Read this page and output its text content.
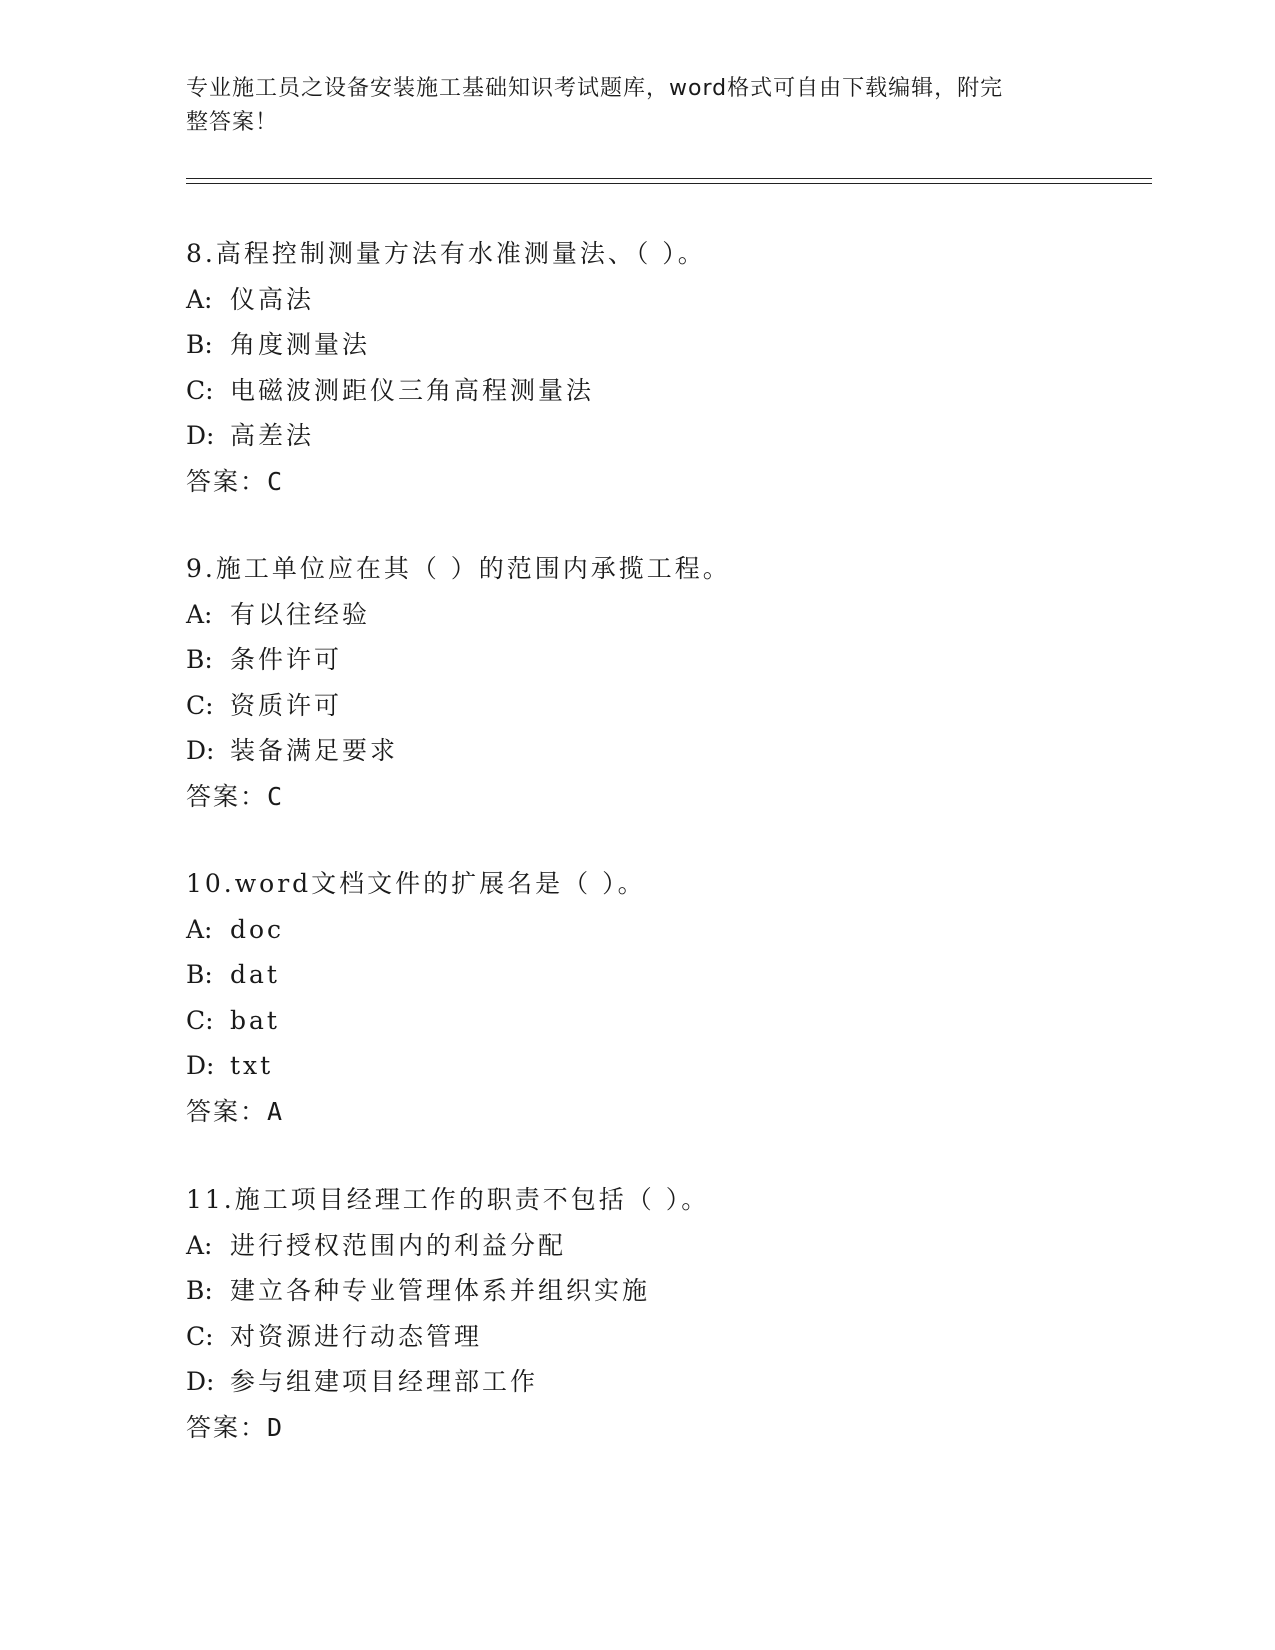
专业施工员之设备安装施工基础知识考试题库，word格式可自由下载编辑，附完
整答案！
8.高程控制测量方法有水准测量法、（ ）。
A: 仪高法
B: 角度测量法
C: 电磁波测距仪三角高程测量法
D: 高差法
答案：C
9.施工单位应在其（ ）的范围内承揽工程。
A: 有以往经验
B: 条件许可
C: 资质许可
D: 装备满足要求
答案：C
10.word文档文件的扩展名是（ ）。
A: doc
B: dat
C: bat
D: txt
答案：A
11.施工项目经理工作的职责不包括（ ）。
A: 进行授权范围内的利益分配
B: 建立各种专业管理体系并组织实施
C: 对资源进行动态管理
D: 参与组建项目经理部工作
答案：D
